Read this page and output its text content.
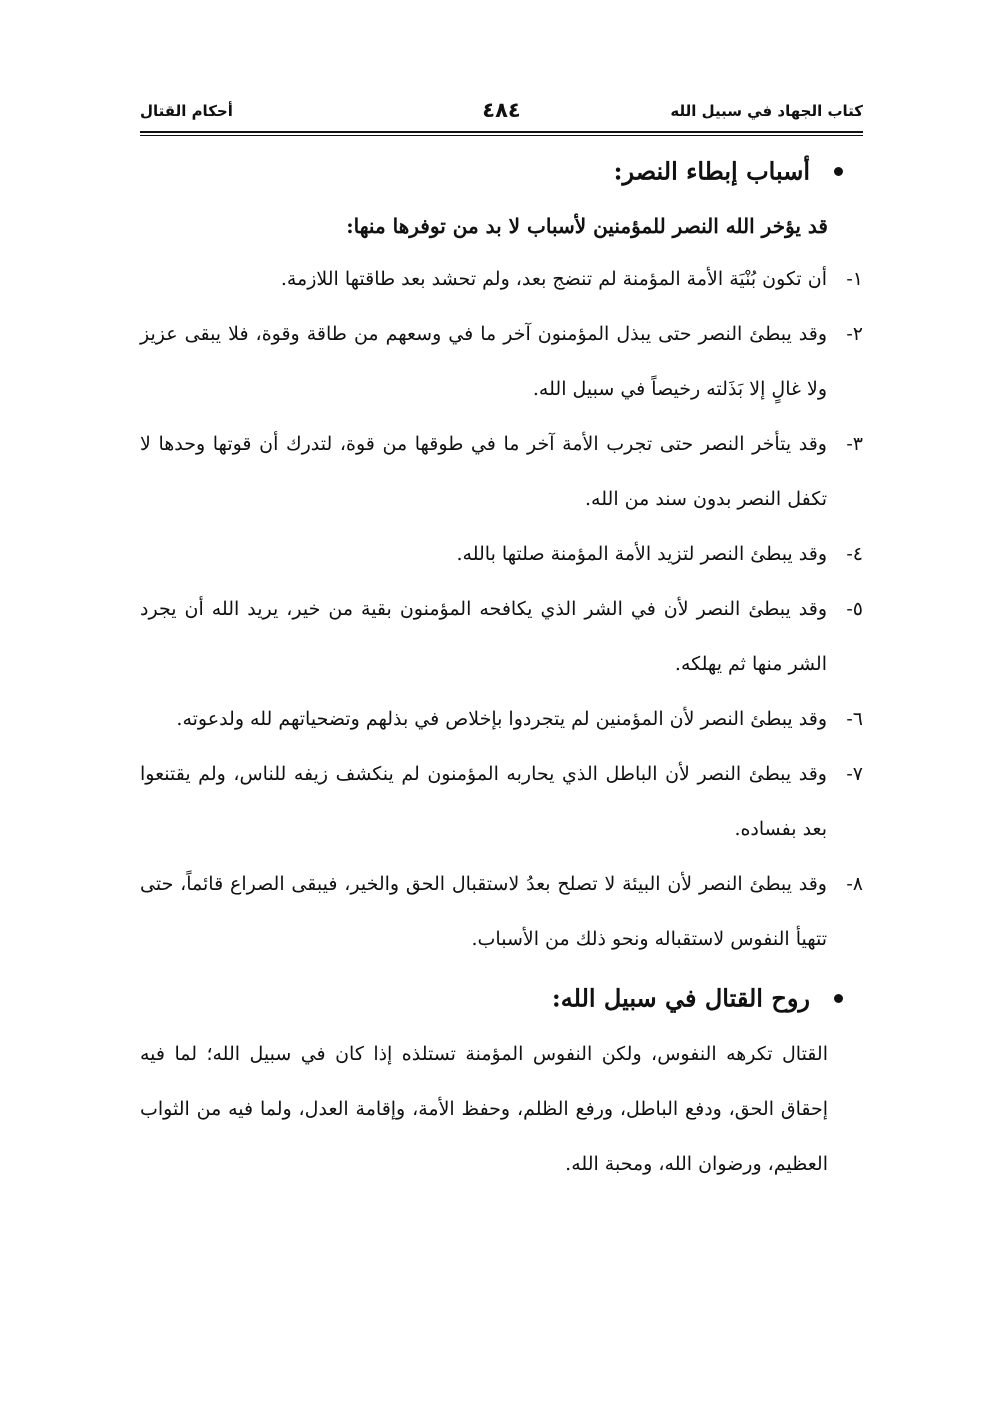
كتاب الجهاد في سبيل الله
٤٨٤
أحكام القتال
أسباب إبطاء النصر:

قد يؤخر الله النصر للمؤمنين لأسباب لا بد من توفرها منها:

١-
أن تكون بُنْيَة الأمة المؤمنة لم تنضج بعد، ولم تحشد بعد طاقتها اللازمة.
٢-
وقد يبطئ النصر حتى يبذل المؤمنون آخر ما في وسعهم من طاقة وقوة، فلا يبقى عزيز ولا غالٍ إلا بَذَلته رخيصاً في سبيل الله.
٣-
وقد يتأخر النصر حتى تجرب الأمة آخر ما في طوقها من قوة، لتدرك أن قوتها وحدها لا تكفل النصر بدون سند من الله.
٤-
وقد يبطئ النصر لتزيد الأمة المؤمنة صلتها بالله.
٥-
وقد يبطئ النصر لأن في الشر الذي يكافحه المؤمنون بقية من خير، يريد الله أن يجرد الشر منها ثم يهلكه.
٦-
وقد يبطئ النصر لأن المؤمنين لم يتجردوا بإخلاص في بذلهم وتضحياتهم لله ولدعوته.
٧-
وقد يبطئ النصر لأن الباطل الذي يحاربه المؤمنون لم ينكشف زيفه للناس، ولم يقتنعوا بعد بفساده.
٨-
وقد يبطئ النصر لأن البيئة لا تصلح بعدُ لاستقبال الحق والخير، فيبقى الصراع قائماً، حتى تتهيأ النفوس لاستقباله ونحو ذلك من الأسباب.
روح القتال في سبيل الله:

القتال تكرهه النفوس، ولكن النفوس المؤمنة تستلذه إذا كان في سبيل الله؛ لما فيه إحقاق الحق، ودفع الباطل، ورفع الظلم، وحفظ الأمة، وإقامة العدل، ولما فيه من الثواب العظيم، ورضوان الله، ومحبة الله.
